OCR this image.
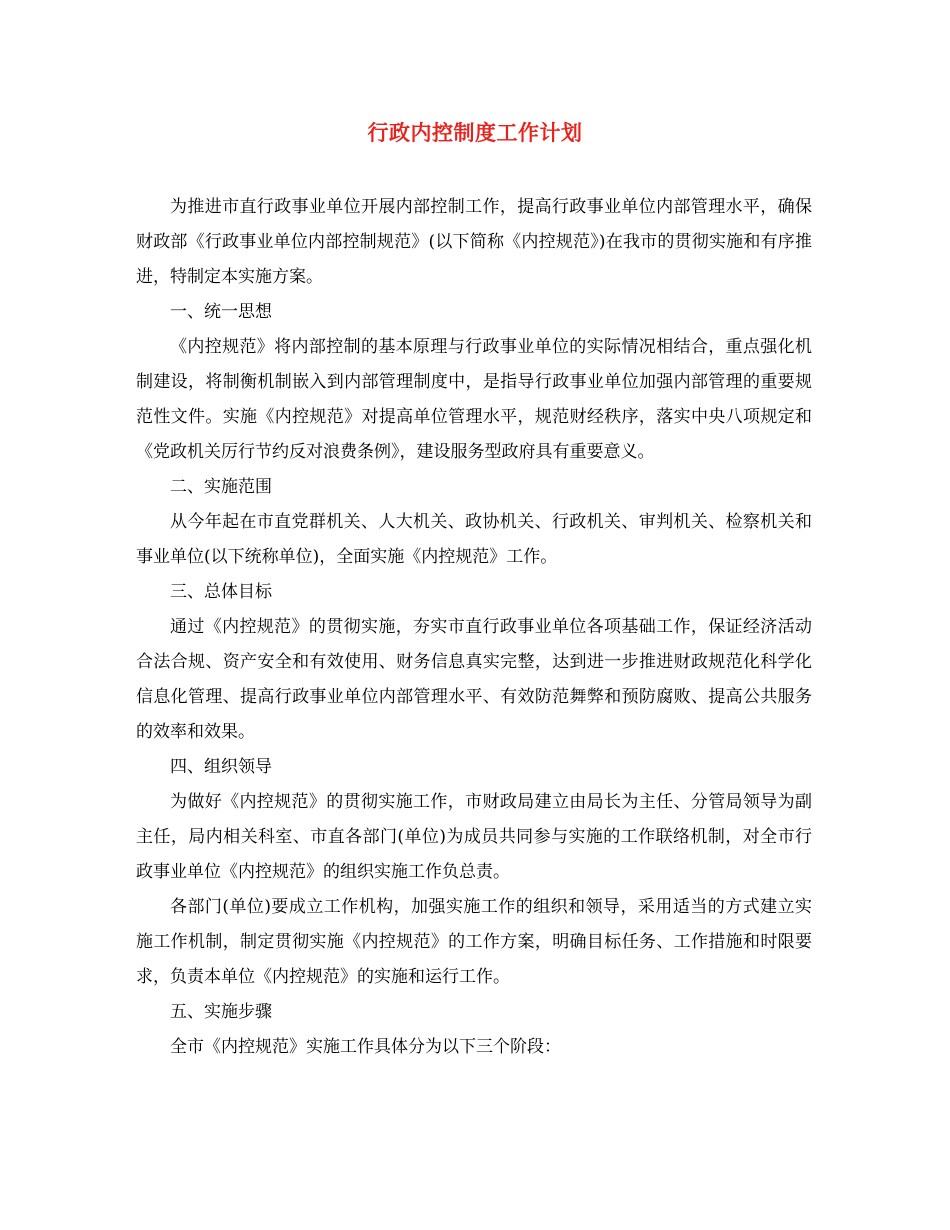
行政内控制度工作计划

为推进市直行政事业单位开展内部控制工作，提高行政事业单位内部管理水平，确保财政部《行政事业单位内部控制规范》(以下简称《内控规范》)在我市的贯彻实施和有序推进，特制定本实施方案。

一、统一思想

《内控规范》将内部控制的基本原理与行政事业单位的实际情况相结合，重点强化机制建设，将制衡机制嵌入到内部管理制度中，是指导行政事业单位加强内部管理的重要规范性文件。实施《内控规范》对提高单位管理水平，规范财经秩序，落实中央八项规定和《党政机关厉行节约反对浪费条例》，建设服务型政府具有重要意义。

二、实施范围

从今年起在市直党群机关、人大机关、政协机关、行政机关、审判机关、检察机关和事业单位(以下统称单位)，全面实施《内控规范》工作。

三、总体目标

通过《内控规范》的贯彻实施，夯实市直行政事业单位各项基础工作，保证经济活动合法合规、资产安全和有效使用、财务信息真实完整，达到进一步推进财政规范化科学化信息化管理、提高行政事业单位内部管理水平、有效防范舞弊和预防腐败、提高公共服务的效率和效果。

四、组织领导

为做好《内控规范》的贯彻实施工作，市财政局建立由局长为主任、分管局领导为副主任，局内相关科室、市直各部门(单位)为成员共同参与实施的工作联络机制，对全市行政事业单位《内控规范》的组织实施工作负总责。

各部门(单位)要成立工作机构，加强实施工作的组织和领导，采用适当的方式建立实施工作机制，制定贯彻实施《内控规范》的工作方案，明确目标任务、工作措施和时限要求，负责本单位《内控规范》的实施和运行工作。

五、实施步骤

全市《内控规范》实施工作具体分为以下三个阶段：
